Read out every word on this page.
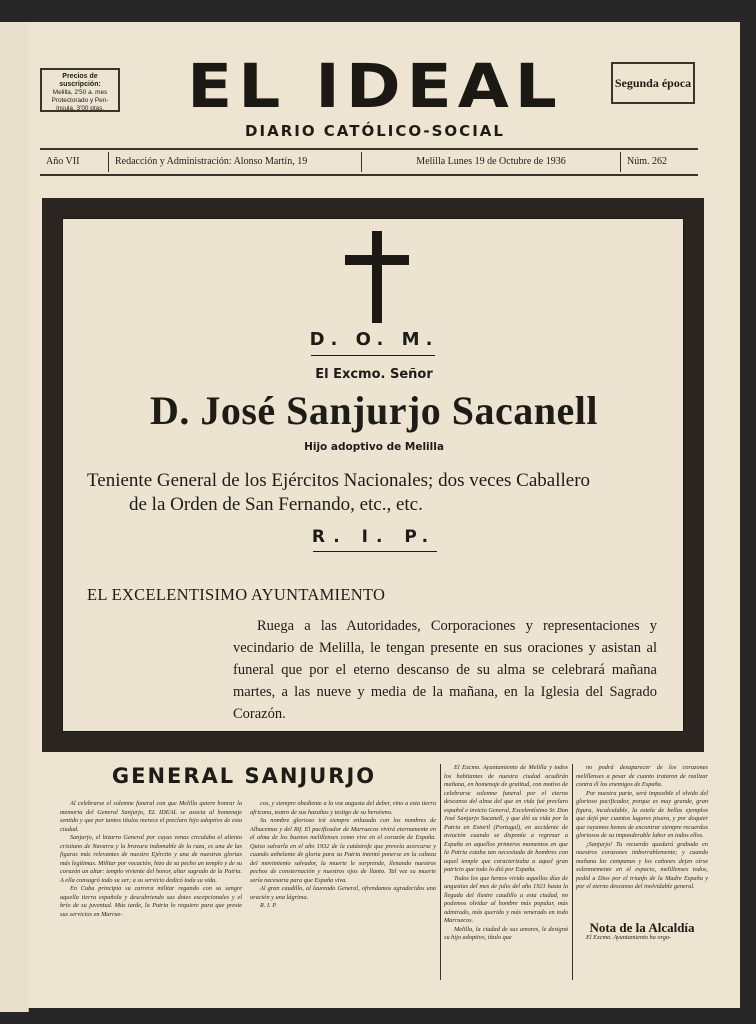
Precios de suscripción:
Melilla, 2'50 a. mes
Protectorado y Pen-
ínsula, 3'00 ptas.	EL IDEAL
DIARIO CATÓLICO-SOCIAL
Segunda época
Año VII	Redacción y Administración: Alonso Martín, 19	Melilla Lunes 19 de Octubre de 1936	Núm. 262
D. O. M.
El Excmo. Señor
D. José Sanjurjo Sacanell
Hijo adoptivo de Melilla
Teniente General de los Ejércitos Nacionales; dos veces Caballero
de la Orden de San Fernando, etc., etc.
R. I. P.
EL EXCELENTISIMO AYUNTAMIENTO
Ruega a las Autoridades, Corporaciones y representaciones y vecindario de Melilla, le tengan presente en sus oraciones y asistan al funeral que por el eterno descanso de su alma se celebrará mañana martes, a las nueve y media de la mañana, en la Iglesia del Sagrado Corazón.
GENERAL SANJURJO

Al celebrarse el solemne funeral con que Melilla quiere honrar la memoria del General Sanjurjo, EL IDEAL se asocia al homenaje sentido y que por tantos títulos merece el preclaro hijo adoptivo de esta ciudad.

Sanjurjo, el bizarro General por cuyas venas circulaba el aliento cristiano de Navarra y la bravura indomable de la raza, es una de las figuras más relevantes de nuestro Ejército y una de nuestras glorias más legítimas. Militar por vocación, hizo de su pecho un templo y de su corazón un altar: templo viviente del honor, altar sagrado de la Patria. A ella consagró todo su ser; a su servicio dedicó toda su vida.

En Cuba principia su carrera militar regando con su sangre aquella tierra española y descubriendo sus dotes excepcionales y el brío de su juventud. Más tarde, la Patria lo requiere para que preste sus servicios en Marrue-

cos, y siempre obediente a la voz augusta del deber, vino a esta tierra africana, teatro de sus hazañas y testigo de su heroísmo.

Su nombre glorioso irá siempre enlazado con los nombres de Alhucemas y del Rif. El pacificador de Marruecos vivirá eternamente en el alma de los buenos melillenses como vive en el corazón de España. Quiso salvarla en el año 1932 de la catástrofe que preveía acercarse y cuando anhelante de gloria para su Patria intentó ponerse en la cabeza del movimiento salvador, la muerte le sorprende, llenando nuestros pechos de consternación y nuestros ojos de llanto. Tal vez su muerte sería necesaria para que España viva.

Al gran caudillo, al laureado General, ofrendamos agradecidos una oración y una lágrima.

R. I. P.

El Excmo. Ayuntamiento de Melilla y todos los habitantes de nuestra ciudad acudirán mañana, en homenaje de gratitud, con motivo de celebrarse solemne funeral por el eterno descanso del alma del que en vida fué preclaro español e invicto General, Excelentísimo Sr. Don José Sanjurjo Sacanell, y que dió su vida por la Patria en Estoril (Portugal), en accidente de aviación cuando se disponía a regresar a España en aquellos primeros momentos en que la Patria estaba tan necesitada de hombres con aquel temple que caracterizaba a aquel gran patricio que todo lo dió por España.

Todos los que hemos vivido aquellos días de angustias del mes de julio del año 1921 hasta la llegada del ilustre caudillo a esta ciudad, no podemos olvidar al hombre más popular, más admirado, más querido y más venerado en todo Marruecos.

Melilla, la ciudad de sus amores, le designó su hijo adoptivo, título que

no podrá desaparecer de los corazones melillenses a pesar de cuanto trataron de realizar contra él los enemigos de España.

Por nuestra parte, será imposible el olvido del glorioso pacificador, porque es muy grande, gran figura, incalculable, la estela de bellas ejemplos que dejó por cuantos lugares pisara, y por doquier que vayamos hemos de encontrar siempre recuerdos gloriosos de su imponderable labor en todos ellos.

¡Sanjurjo! Tu recuerdo quedará grabado en nuestros corazones imborrablemente; y cuando mañana las campanas y los cañones dejen oírse solemnemente en el espacio, melillenses todos, pedid a Dios por el triunfo de la Madre España y por el eterno descanso del inolvidable general.

Nota de la Alcaldía
El Excmo. Ayuntamiento ha orga-
